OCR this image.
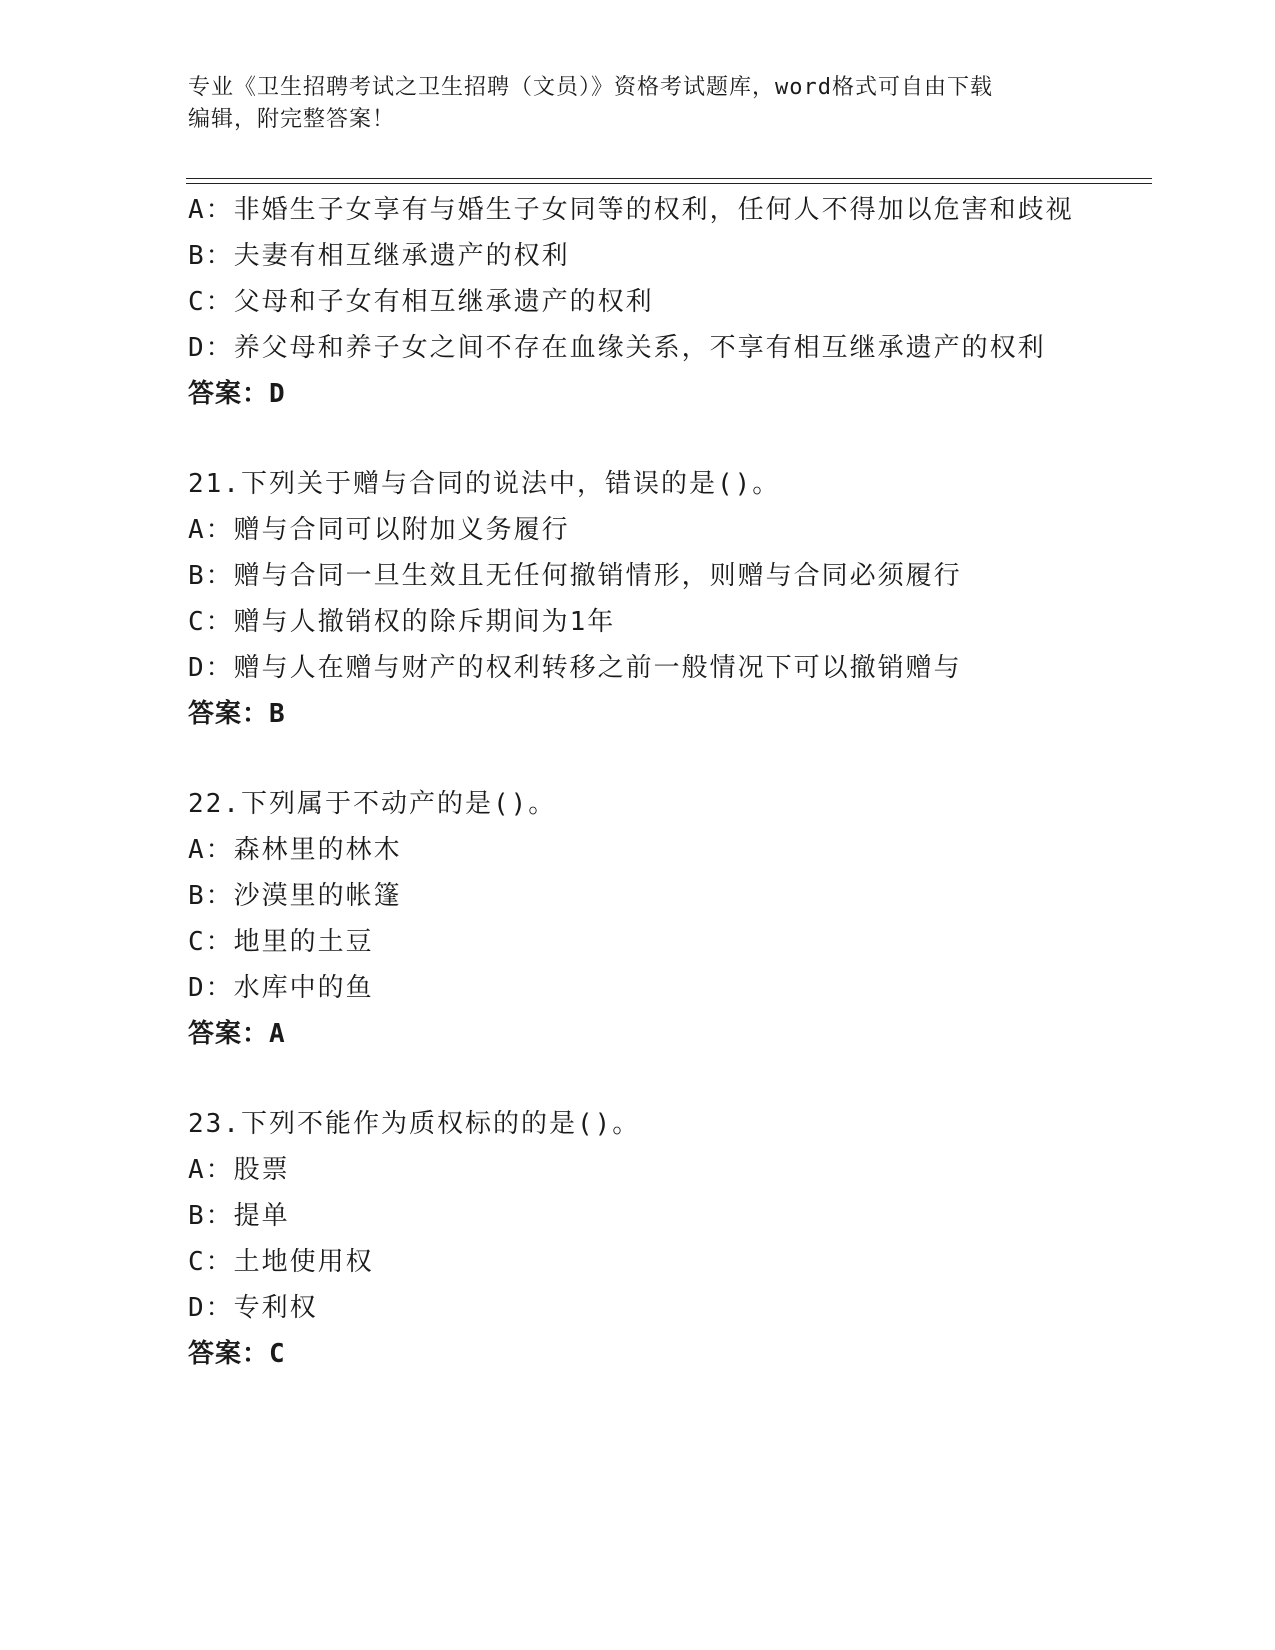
专业《卫生招聘考试之卫生招聘（文员）》资格考试题库，word格式可自由下载
编辑，附完整答案！
A：非婚生子女享有与婚生子女同等的权利，任何人不得加以危害和歧视
B：夫妻有相互继承遗产的权利
C：父母和子女有相互继承遗产的权利
D：养父母和养子女之间不存在血缘关系，不享有相互继承遗产的权利
答案：D
21.下列关于赠与合同的说法中，错误的是()。
A：赠与合同可以附加义务履行
B：赠与合同一旦生效且无任何撤销情形，则赠与合同必须履行
C：赠与人撤销权的除斥期间为1年
D：赠与人在赠与财产的权利转移之前一般情况下可以撤销赠与
答案：B
22.下列属于不动产的是()。
A：森林里的林木
B：沙漠里的帐篷
C：地里的土豆
D：水库中的鱼
答案：A
23.下列不能作为质权标的的是()。
A：股票
B：提单
C：土地使用权
D：专利权
答案：C
